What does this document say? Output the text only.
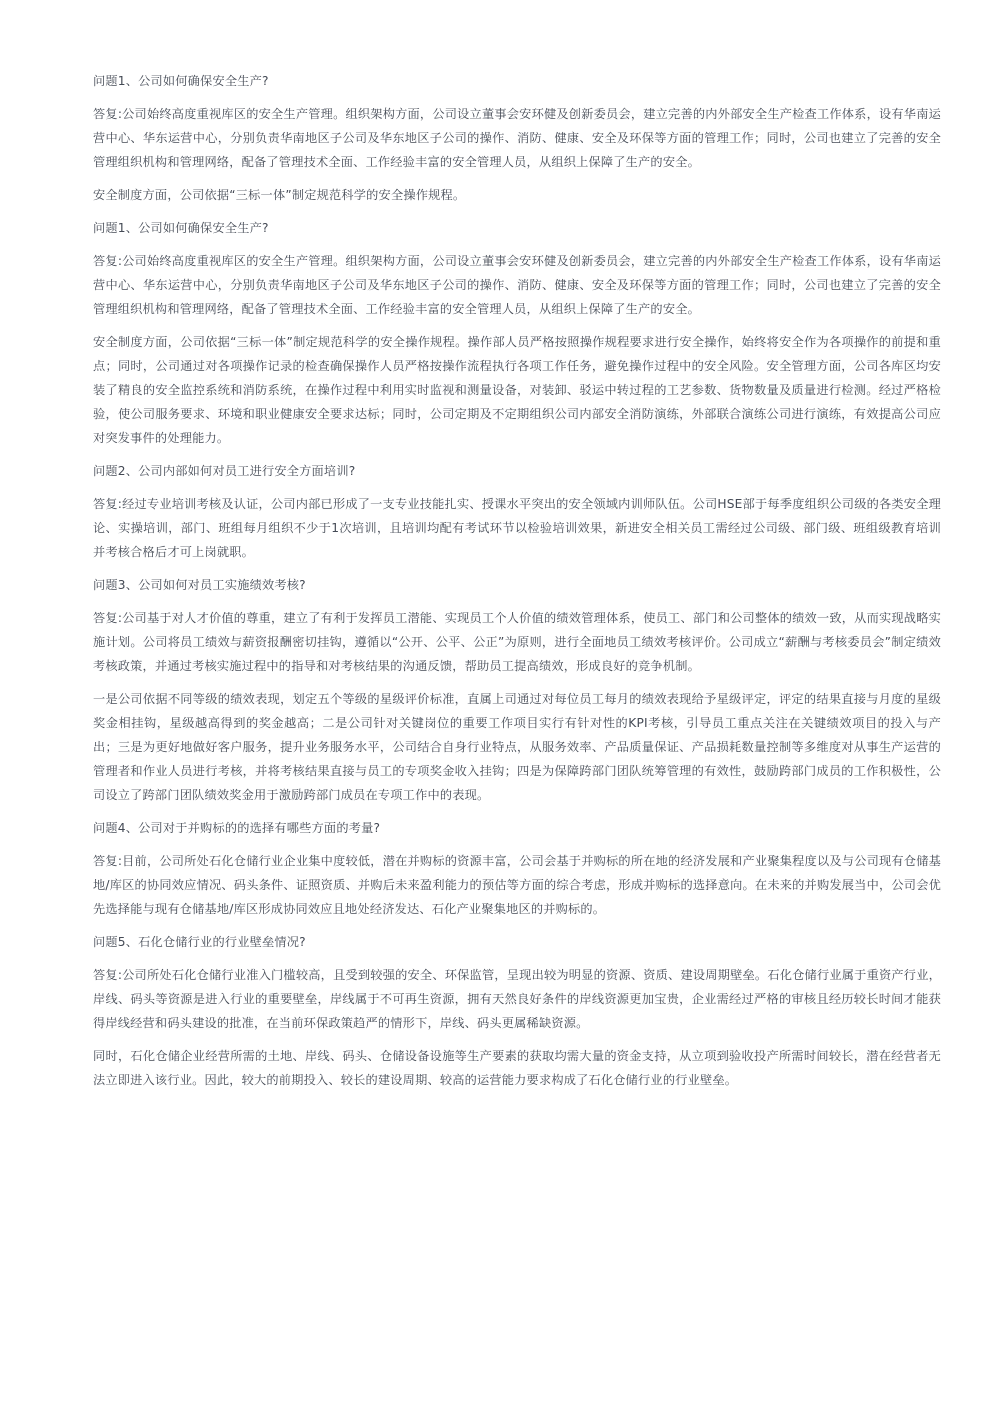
问题1、公司如何确保安全生产?

答复:公司始终高度重视库区的安全生产管理。组织架构方面，公司设立董事会安环健及创新委员会，建立完善的内外部安全生产检查工作体系，设有华南运营中心、华东运营中心，分别负责华南地区子公司及华东地区子公司的操作、消防、健康、安全及环保等方面的管理工作；同时，公司也建立了完善的安全管理组织机构和管理网络，配备了管理技术全面、工作经验丰富的安全管理人员，从组织上保障了生产的安全。

安全制度方面，公司依据“三标一体”制定规范科学的安全操作规程。

问题1、公司如何确保安全生产?

答复:公司始终高度重视库区的安全生产管理。组织架构方面，公司设立董事会安环健及创新委员会，建立完善的内外部安全生产检查工作体系，设有华南运营中心、华东运营中心，分别负责华南地区子公司及华东地区子公司的操作、消防、健康、安全及环保等方面的管理工作；同时，公司也建立了完善的安全管理组织机构和管理网络，配备了管理技术全面、工作经验丰富的安全管理人员，从组织上保障了生产的安全。

安全制度方面，公司依据“三标一体”制定规范科学的安全操作规程。操作部人员严格按照操作规程要求进行安全操作，始终将安全作为各项操作的前提和重点；同时，公司通过对各项操作记录的检查确保操作人员严格按操作流程执行各项工作任务，避免操作过程中的安全风险。安全管理方面，公司各库区均安装了精良的安全监控系统和消防系统，在操作过程中利用实时监视和测量设备，对装卸、驳运中转过程的工艺参数、货物数量及质量进行检测。经过严格检验，使公司服务要求、环境和职业健康安全要求达标；同时，公司定期及不定期组织公司内部安全消防演练，外部联合演练公司进行演练，有效提高公司应对突发事件的处理能力。

问题2、公司内部如何对员工进行安全方面培训?

答复:经过专业培训考核及认证，公司内部已形成了一支专业技能扎实、授课水平突出的安全领域内训师队伍。公司HSE部于每季度组织公司级的各类安全理论、实操培训，部门、班组每月组织不少于1次培训，且培训均配有考试环节以检验培训效果，新进安全相关员工需经过公司级、部门级、班组级教育培训并考核合格后才可上岗就职。

问题3、公司如何对员工实施绩效考核?

答复:公司基于对人才价值的尊重，建立了有利于发挥员工潜能、实现员工个人价值的绩效管理体系，使员工、部门和公司整体的绩效一致，从而实现战略实施计划。公司将员工绩效与薪资报酬密切挂钩，遵循以“公开、公平、公正”为原则，进行全面地员工绩效考核评价。公司成立“薪酬与考核委员会”制定绩效考核政策，并通过考核实施过程中的指导和对考核结果的沟通反馈，帮助员工提高绩效，形成良好的竞争机制。

一是公司依据不同等级的绩效表现，划定五个等级的星级评价标准，直属上司通过对每位员工每月的绩效表现给予星级评定，评定的结果直接与月度的星级奖金相挂钩，星级越高得到的奖金越高；二是公司针对关键岗位的重要工作项目实行有针对性的KPI考核，引导员工重点关注在关键绩效项目的投入与产出；三是为更好地做好客户服务，提升业务服务水平，公司结合自身行业特点，从服务效率、产品质量保证、产品损耗数量控制等多维度对从事生产运营的管理者和作业人员进行考核，并将考核结果直接与员工的专项奖金收入挂钩；四是为保障跨部门团队统筹管理的有效性，鼓励跨部门成员的工作积极性，公司设立了跨部门团队绩效奖金用于激励跨部门成员在专项工作中的表现。

问题4、公司对于并购标的的选择有哪些方面的考量?

答复:目前，公司所处石化仓储行业企业集中度较低，潜在并购标的资源丰富，公司会基于并购标的所在地的经济发展和产业聚集程度以及与公司现有仓储基地/库区的协同效应情况、码头条件、证照资质、并购后未来盈利能力的预估等方面的综合考虑，形成并购标的选择意向。在未来的并购发展当中，公司会优先选择能与现有仓储基地/库区形成协同效应且地处经济发达、石化产业聚集地区的并购标的。

问题5、石化仓储行业的行业壁垒情况?

答复:公司所处石化仓储行业准入门槛较高，且受到较强的安全、环保监管，呈现出较为明显的资源、资质、建设周期壁垒。石化仓储行业属于重资产行业，岸线、码头等资源是进入行业的重要壁垒，岸线属于不可再生资源，拥有天然良好条件的岸线资源更加宝贵，企业需经过严格的审核且经历较长时间才能获得岸线经营和码头建设的批准，在当前环保政策趋严的情形下，岸线、码头更属稀缺资源。

同时，石化仓储企业经营所需的土地、岸线、码头、仓储设备设施等生产要素的获取均需大量的资金支持，从立项到验收投产所需时间较长，潜在经营者无法立即进入该行业。因此，较大的前期投入、较长的建设周期、较高的运营能力要求构成了石化仓储行业的行业壁垒。
